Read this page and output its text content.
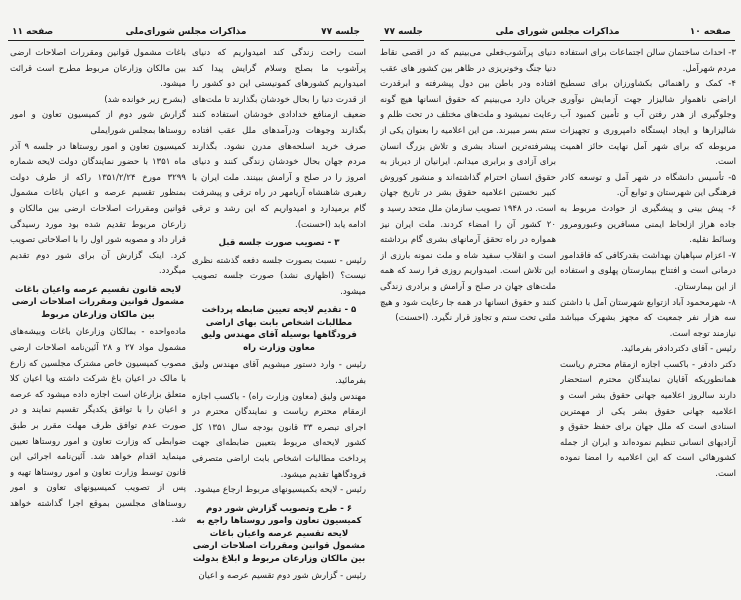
صفحه ۱۱	مذاکرات مجلس شورای‌ملی	جلسه ۷۷

است راحت زندگی کند امیدواریم که دنیای پرآشوب ما بصلح وسلام گرایش پیدا کند امیدواریم کشورهای کمونیستی این دو کشور را از قدرت دنیا را بحال خودشان بگذارند تا ملت‌های ضعیف ازمنافع خدادادی خودشان استفاده کنند بگذارند وجوهات ودرآمدهای ملل عقب افتاده صرف خرید اسلحه‌های مدرن نشود. بگذارند مردم جهان بحال خودشان زندگی کنند و دنیای امروز را در صلح و آرامش ببینند. ملت ایران با رهبری شاهنشاه آریامهر در راه ترقی و پیشرفت گام برمیدارد و امیدواریم که این رشد و ترقی ادامه یابد (احسنت).

۳ - تصویب صورت جلسه قبل

رئیس - نسبت بصورت جلسه دفعه گذشته نظری نیست؟ (اظهاری نشد) صورت جلسه تصویب میشود.

۵ - تقدیم لایحه تعیین ضابطه پرداخت مطالبات اشخاص بابت بهای اراضی فرودگاهها بوسیله آقای مهندس ولیق معاون وزارت راه

رئیس - وارد دستور میشویم آقای مهندس ولیق بفرمائید.

مهندس ولیق (معاون وزارت راه) - باکسب اجازه ازمقام محترم ریاست و نمایندگان محترم در اجرای تبصره ۳۳ قانون بودجه سال ۱۳۵۱ کل کشور لایحه‌ای مربوط بتعیین ضابطه‌ای جهت پرداخت مطالبات اشخاص بابت اراضی متصرفی فرودگاهها تقدیم میشود.

رئیس - لایحه بکمیسیونهای مربوط ارجاع میشود.

۶ - طرح وتصویب گزارش شور دوم کمیسیون تعاون وامور روستاها راجع به لایحه تقسیم عرصه واعیان باغات مشمول قوانین ومقررات اصلاحات ارضی بین مالکان وزارعان مربوط و ابلاغ بدولت

رئیس - گزارش شور دوم تقسیم عرصه و اعیان

باغات مشمول قوانین ومقررات اصلاحات ارضی بین مالکان وزارعان مربوط مطرح است قرائت میشود.

(بشرح زیر خوانده شد)

گزارش شور دوم از کمیسیون تعاون و امور روستاها بمجلس شورایملی

کمیسیون تعاون و امور روستاها در جلسه ۹ آذر ماه ۱۳۵۱ با حضور نمایندگان دولت لایحه شماره ۳۲۹۹ مورخ ۱۳۵۱/۲/۲۴ راکه از طرف دولت بمنظور تقسیم عرصه و اعیان باغات مشمول قوانین ومقررات اصلاحات ارضی بین مالکان و زارعان مربوط تقدیم شده بود مورد رسیدگی قرار داد و مصوبه شور اول را با اصلاحاتی تصویب کرد. اینک گزارش آن برای شور دوم تقدیم میگردد.

لایحه قانون تقسیم عرصه واعیان باغات مشمول قوانین ومقررات اصلاحات ارضی بین مالکان وزارعان مربوط

ماده‌واحده - بمالکان وزارعان باغات وبیشه‌های مشمول مواد ۲۷ و ۲۸ آئین‌نامه اصلاحات ارضی مصوب کمیسیون خاص مشترک مجلسین که زارع با مالک در اعیان باغ شرکت داشته ویا اعیان کلا متعلق بزارعان است اجازه داده میشود که عرصه و اعیان را با توافق یکدیگر تقسیم نمایند و در صورت عدم توافق ظرف مهلت مقرر بر طبق ضوابطی که وزارت تعاون و امور روستاها تعیین مینماید اقدام خواهد شد. آئین‌نامه اجرائی این قانون توسط وزارت تعاون و امور روستاها تهیه و پس از تصویب کمیسیونهای تعاون و امور روستاهای مجلسین بموقع اجرا گذاشته خواهد شد.

جلسه ۷۷	مذاکرات مجلس شورای ملی	صفحه ۱۰

۳- احداث ساختمان سالن اجتماعات برای استفاده مردم شهرآمل.

۴- کمک و راهنمائی بکشاورزان برای تسطیح اراضی ناهموار شالیزار جهت آزمایش نوآوری وجلوگیری از هدر رفتن آب و تأمین کمبود آب شالیزارها و ایجاد ایستگاه دامپروری و تجهیزات مربوطه که برای شهر آمل نهایت حائز اهمیت است.

۵- تأسیس دانشگاه در شهر آمل و توسعه کادر فرهنگی این شهرستان و توابع آن.

۶- پیش بینی و پیشگیری از حوادث مربوط به جاده هراز ازلحاظ ایمنی مسافرین وعبورومرور وسائط نقلیه.

۷- اعزام سپاهیان بهداشت بقدرکافی که فاقدامور درمانی است و افتتاح بیمارستان پهلوی و استفاده از این بیمارستان.

۸- شهرمحمود آباد ازتوابع شهرستان آمل با داشتن سه هزار نفر جمعیت که مجهز بشهرک میباشد نیازمند توجه است.

رئیس - آقای دکتردادفر بفرمائید.

دکتر دادفر - باکسب اجازه ازمقام محترم ریاست همانطوریکه آقایان نمایندگان محترم استحضار دارند سالروز اعلامیه جهانی حقوق بشر است و اعلامیه جهانی حقوق بشر یکی از مهمترین اسنادی است که ملل جهان برای حفظ حقوق و آزادیهای انسانی تنظیم نموده‌اند و ایران از جمله کشورهائی است که این اعلامیه را امضا نموده است.

دنیای پرآشوب‌فعلی می‌بینیم که در اقصی نقاط دنیا جنگ وخونریزی در ظاهر بین کشور های عقب افتاده ودر باطن بین دول پیشرفته و ابرقدرت جریان دارد می‌بینیم که حقوق انسانها هیچ گونه رعایت نمیشود و ملت‌های مختلف در تحت ظلم و ستم بسر میبرند. من این اعلامیه را بعنوان یکی از پیشرفته‌ترین اسناد بشری و تلاش بزرگ انسان برای آزادی و برابری میدانم. ایرانیان از دیرباز به حقوق انسان احترام گذاشته‌اند و منشور کوروش کبیر نخستین اعلامیه حقوق بشر در تاریخ جهان است. در ۱۹۴۸ تصویب سازمان ملل متحد رسید و ۲۰ کشور آن را امضاء کردند. ملت ایران نیز همواره در راه تحقق آرمانهای بشری گام برداشته است و انقلاب سفید شاه و ملت نمونه بارزی از این تلاش است. امیدواریم روزی فرا رسد که همه ملت‌های جهان در صلح و آرامش و برادری زندگی کنند و حقوق انسانها در همه جا رعایت شود و هیچ ملتی تحت ستم و تجاوز قرار نگیرد. (احسنت)
